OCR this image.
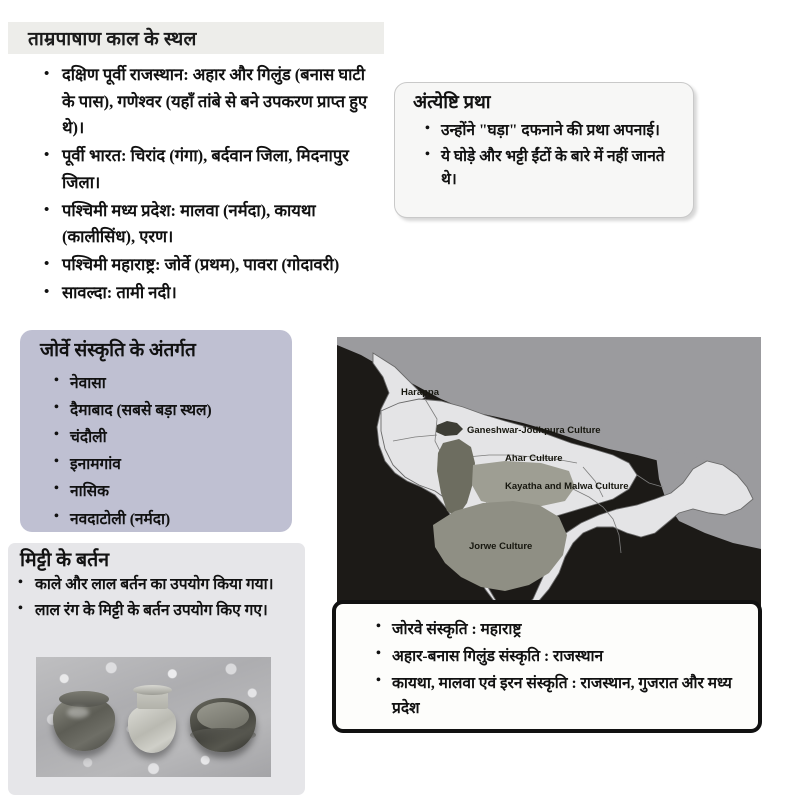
ताम्रपाषाण काल के स्थल
• दक्षिण पूर्वी राजस्थान: अहार और गिलुंड (बनास घाटी के पास), गणेश्वर (यहाँ तांबे से बने उपकरण प्राप्त हुए थे)।
• पूर्वी भारत: चिरांद (गंगा), बर्दवान जिला, मिदनापुर जिला।
• पश्चिमी मध्य प्रदेश: मालवा (नर्मदा), कायथा (कालीसिंध), एरण।
• पश्चिमी महाराष्ट्र: जोर्वे (प्रथम), पावरा (गोदावरी)
• सावल्दा: तामी नदी।
अंत्येष्टि प्रथा
• उन्होंने "घड़ा" दफनाने की प्रथा अपनाई।
• ये घोड़े और भट्टी ईंटों के बारे में नहीं जानते थे।
जोर्वे संस्कृति के अंतर्गत
• नेवासा
• दैमाबाद (सबसे बड़ा स्थल)
• चंदौली
• इनामगांव
• नासिक
• नवदाटोली (नर्मदा)
मिट्टी के बर्तन
• काले और लाल बर्तन का उपयोग किया गया।
• लाल रंग के मिट्टी के बर्तन उपयोग किए गए।
Harappa
Ganeshwar-Jodhpura Culture
Ahar Culture
Kayatha and Malwa Culture
Jorwe Culture
• जोरवे संस्कृति : महाराष्ट्र
• अहार-बनास गिलुंड संस्कृति : राजस्थान
• कायथा, मालवा एवं इरन संस्कृति : राजस्थान, गुजरात और मध्य प्रदेश
